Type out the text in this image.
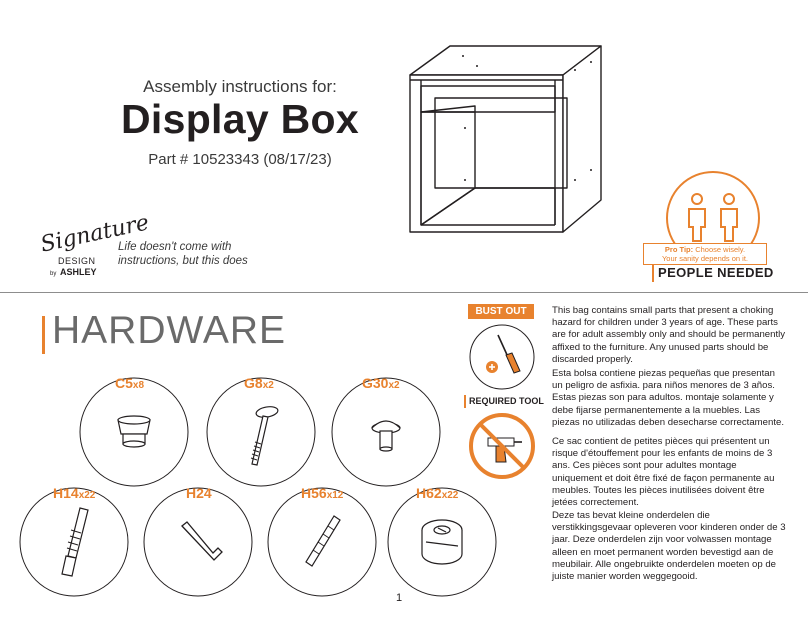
Assembly instructions for:
Display Box
Part # 10523343 (08/17/23)
Signature
DESIGN
by ASHLEY
Life doesn't come with
instructions, but this does
Pro Tip: Choose wisely.
Your sanity depends on it.
PEOPLE NEEDED
HARDWARE
C5x8	G8x2	G30x2
H14x22	H24	H56x12	H62x22
BUST OUT
REQUIRED TOOL

This bag contains small parts that present a choking hazard for children under 3 years of age. These parts are for adult assembly only and should be permanently affixed to the furniture. Any unused parts should be discarded properly.

Esta bolsa contiene piezas pequeñas que presentan un peligro de asfixia. para niños menores de 3 años. Estas piezas son para adultos. montaje solamente y debe fijarse permanentemente a la muebles. Las piezas no utilizadas deben desecharse correctamente.

Ce sac contient de petites pièces qui présentent un risque d'étouffement pour les enfants de moins de 3 ans. Ces pièces sont pour adultes montage uniquement et doit être fixé de façon permanente au meubles. Toutes les pièces inutilisées doivent être jetées correctement.

Deze tas bevat kleine onderdelen die verstikkingsgevaar opleveren voor kinderen onder de 3 jaar. Deze onderdelen zijn voor volwassen montage alleen en moet permanent worden bevestigd aan de meubilair. Alle ongebruikte onderdelen moeten op de juiste manier worden weggegooid.

1
